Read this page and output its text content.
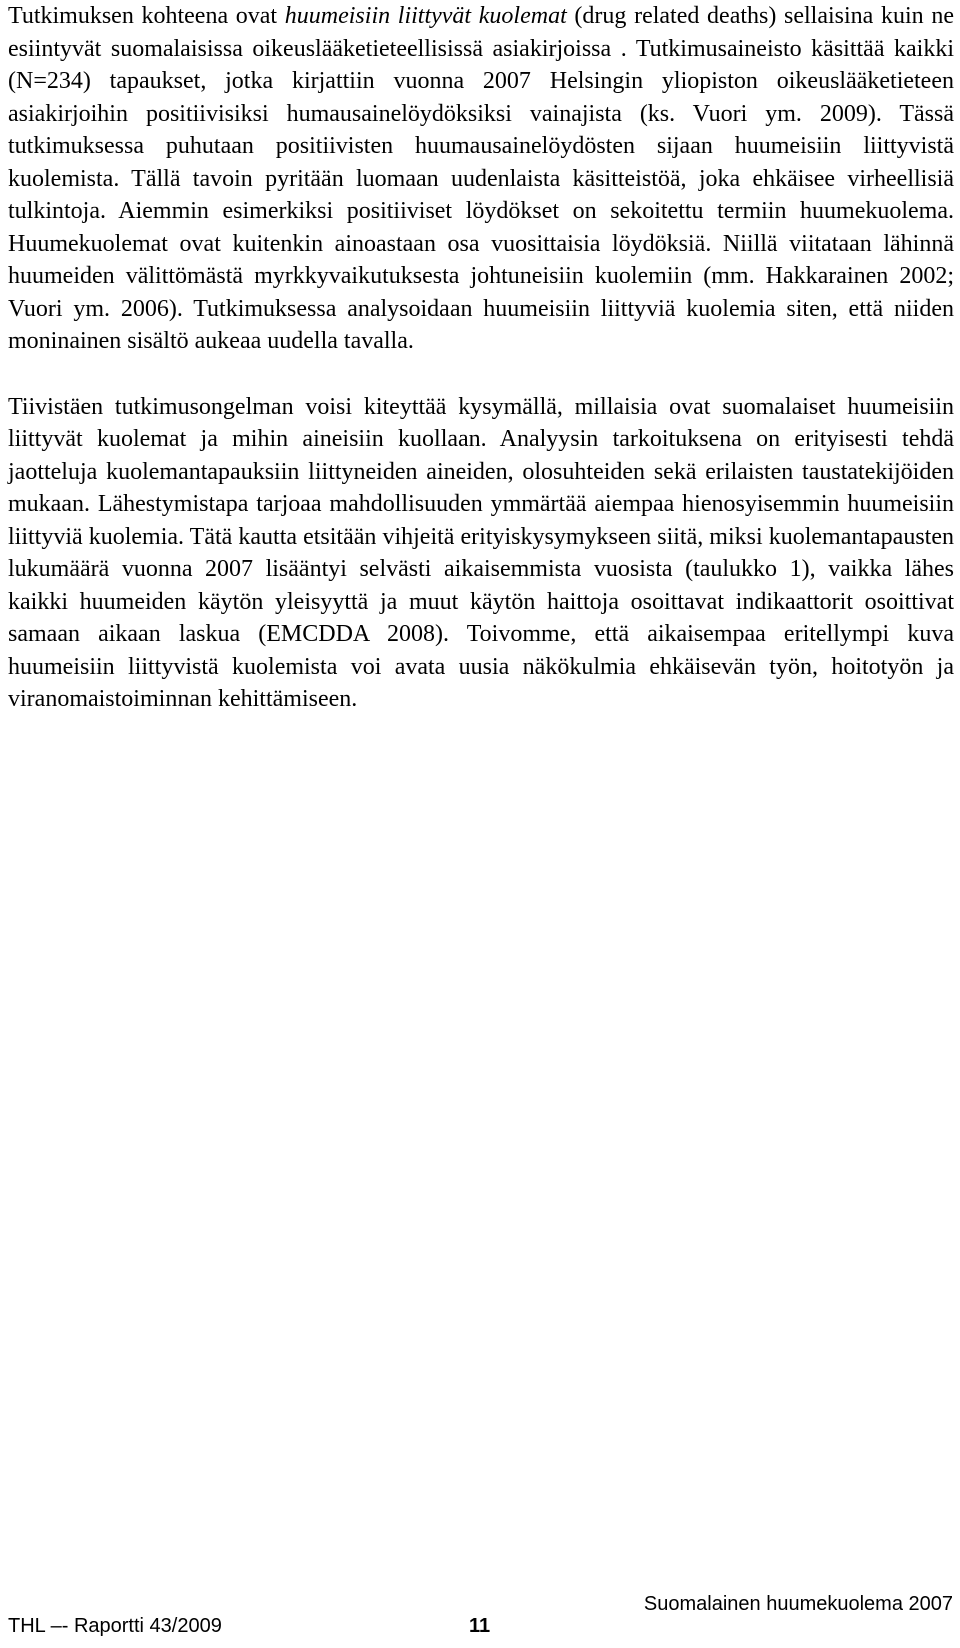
Tutkimuksen kohteena ovat huumeisiin liittyvät kuolemat (drug related deaths) sellaisina kuin ne esiintyvät suomalaisissa oikeuslääketieteellisissä asiakirjoissa . Tutkimusaineisto käsittää kaikki (N=234) tapaukset, jotka kirjattiin vuonna 2007 Helsingin yliopiston oikeuslääketieteen asiakirjoihin positiivisiksi humausainelöydöksiksi vainajista (ks. Vuori ym. 2009). Tässä tutkimuksessa puhutaan positiivisten huumausainelöydösten sijaan huumeisiin liittyvistä kuolemista. Tällä tavoin pyritään luomaan uudenlaista käsitteistöä, joka ehkäisee virheellisiä tulkintoja. Aiemmin esimerkiksi positiiviset löydökset on sekoitettu termiin huumekuolema. Huumekuolemat ovat kuitenkin ainoastaan osa vuosittaisia löydöksiä. Niillä viitataan lähinnä huumeiden välittömästä myrkkyvaikutuksesta johtuneisiin kuolemiin (mm. Hakkarainen 2002; Vuori ym. 2006). Tutkimuksessa analysoidaan huumeisiin liittyviä kuolemia siten, että niiden moninainen sisältö aukeaa uudella tavalla.

Tiivistäen tutkimusongelman voisi kiteyttää kysymällä, millaisia ovat suomalaiset huumeisiin liittyvät kuolemat ja mihin aineisiin kuollaan. Analyysin tarkoituksena on erityisesti tehdä jaotteluja kuolemantapauksiin liittyneiden aineiden, olosuhteiden sekä erilaisten taustatekijöiden mukaan. Lähestymistapa tarjoaa mahdollisuuden ymmärtää aiempaa hienosyisemmin huumeisiin liittyviä kuolemia. Tätä kautta etsitään vihjeitä erityiskysymykseen siitä, miksi kuolemantapausten lukumäärä vuonna 2007 lisääntyi selvästi aikaisemmista vuosista (taulukko 1), vaikka lähes kaikki huumeiden käytön yleisyyttä ja muut käytön haittoja osoittavat indikaattorit osoittivat samaan aikaan laskua (EMCDDA 2008). Toivomme, että aikaisempaa eritellympi kuva huumeisiin liittyvistä kuolemista voi avata uusia näkökulmia ehkäisevän työn, hoitotyön ja viranomaistoiminnan kehittämiseen.

THL –- Raportti 43/2009	11
Suomalainen huumekuolema 2007
